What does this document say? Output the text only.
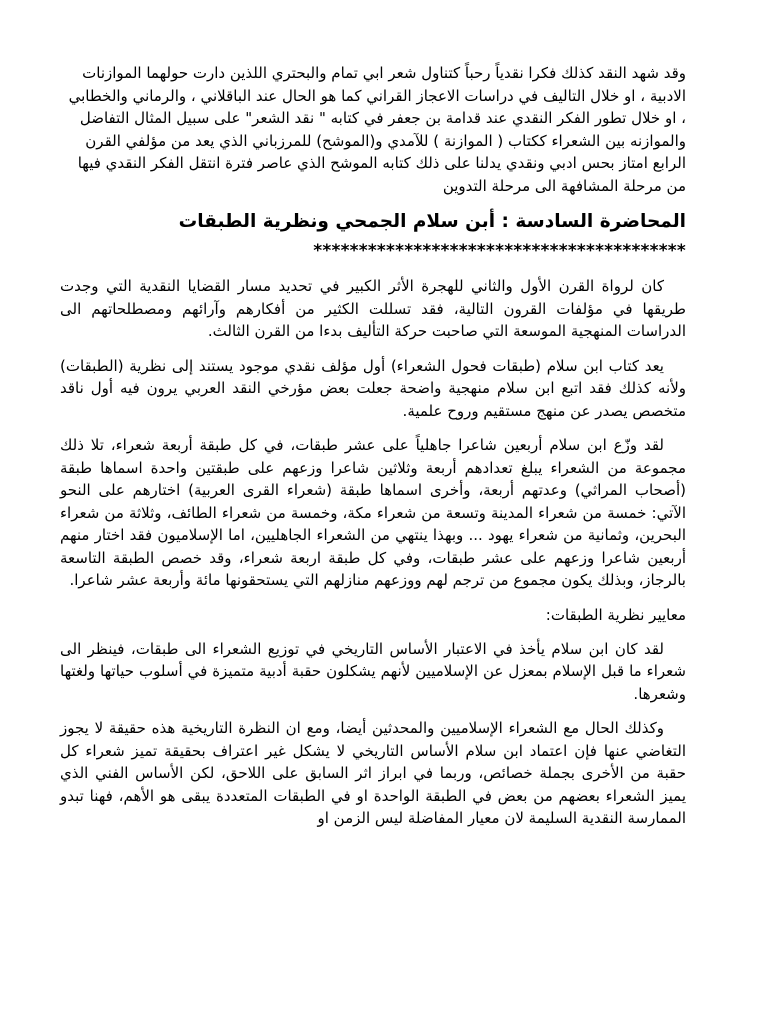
وقد شهد النقد كذلك فكرا نقدياً رحباً كتناول شعر ابي تمام والبحتري اللذين دارت حولهما الموازنات الادبية ، او خلال التاليف في دراسات الاعجاز القراني كما هو الحال عند الباقلاني ، والرماني والخطابي ، او خلال تطور الفكر النقدي عند قدامة بن جعفر في كتابه " نقد الشعر" على سبيل المثال التفاضل والموازنه بين الشعراء ككتاب ( الموازنة ) للآمدي و(الموشح) للمرزباني الذي يعد من مؤلفي القرن الرابع امتاز بحس ادبي ونقدي يدلنا على ذلك كتابه الموشح الذي عاصر فترة انتقل الفكر النقدي فيها من مرحلة المشافهة الى مرحلة التدوين

المحاضرة السادسة : أبن سلام الجمحي ونظرية الطبقات
*****************************************

كان لرواة القرن الأول والثاني للهجرة الأثر الكبير في تحديد مسار القضايا النقدية التي وجدت طريقها في مؤلفات القرون التالية، فقد تسللت الكثير من أفكارهم وآرائهم ومصطلحاتهم الى الدراسات المنهجية الموسعة التي صاحبت حركة التأليف بدءا من القرن الثالث.

يعد كتاب ابن سلام (طبقات فحول الشعراء) أول مؤلف نقدي موجود يستند إلى نظرية (الطبقات) ولأنه كذلك فقد اتبع ابن سلام منهجية واضحة جعلت بعض مؤرخي النقد العربي يرون فيه أول ناقد متخصص يصدر عن منهج مستقيم وروح علمية.

لقد وزّع ابن سلام أربعين شاعرا جاهلياً على عشر طبقات، في كل طبقة أربعة شعراء، تلا ذلك مجموعة من الشعراء يبلغ تعدادهم أربعة وثلاثين شاعرا وزعهم على طبقتين واحدة اسماها طبقة (أصحاب المراثي) وعدتهم أربعة، وأخرى اسماها طبقة (شعراء القرى العربية) اختارهم على النحو الآتي: خمسة من شعراء المدينة وتسعة من شعراء مكة، وخمسة من شعراء الطائف، وثلاثة من شعراء البحرين، وثمانية من شعراء يهود ... وبهذا ينتهي من الشعراء الجاهليين، اما الإسلاميون فقد اختار منهم أربعين شاعرا وزعهم على عشر طبقات، وفي كل طبقة اربعة شعراء، وقد خصص الطبقة التاسعة بالرجاز، وبذلك يكون مجموع من ترجم لهم ووزعهم منازلهم التي يستحقونها مائة وأربعة عشر شاعرا.

معايير نظرية الطبقات:

لقد كان ابن سلام يأخذ في الاعتبار الأساس التاريخي في توزيع الشعراء الى طبقات، فينظر الى شعراء ما قبل الإسلام بمعزل عن الإسلاميين لأنهم يشكلون حقبة أدبية متميزة في أسلوب حياتها ولغتها وشعرها.

وكذلك الحال مع الشعراء الإسلاميين والمحدثين أيضا، ومع ان النظرة التاريخية هذه حقيقة لا يجوز التغاضي عنها فإن اعتماد ابن سلام الأساس التاريخي لا يشكل غير اعتراف بحقيقة تميز شعراء كل حقبة من الأخرى بجملة خصائص، وربما في ابراز اثر السابق على اللاحق، لكن الأساس الفني الذي يميز الشعراء بعضهم من بعض في الطبقة الواحدة او في الطبقات المتعددة يبقى هو الأهم، فهنا تبدو الممارسة النقدية السليمة لان معيار المفاضلة ليس الزمن او
